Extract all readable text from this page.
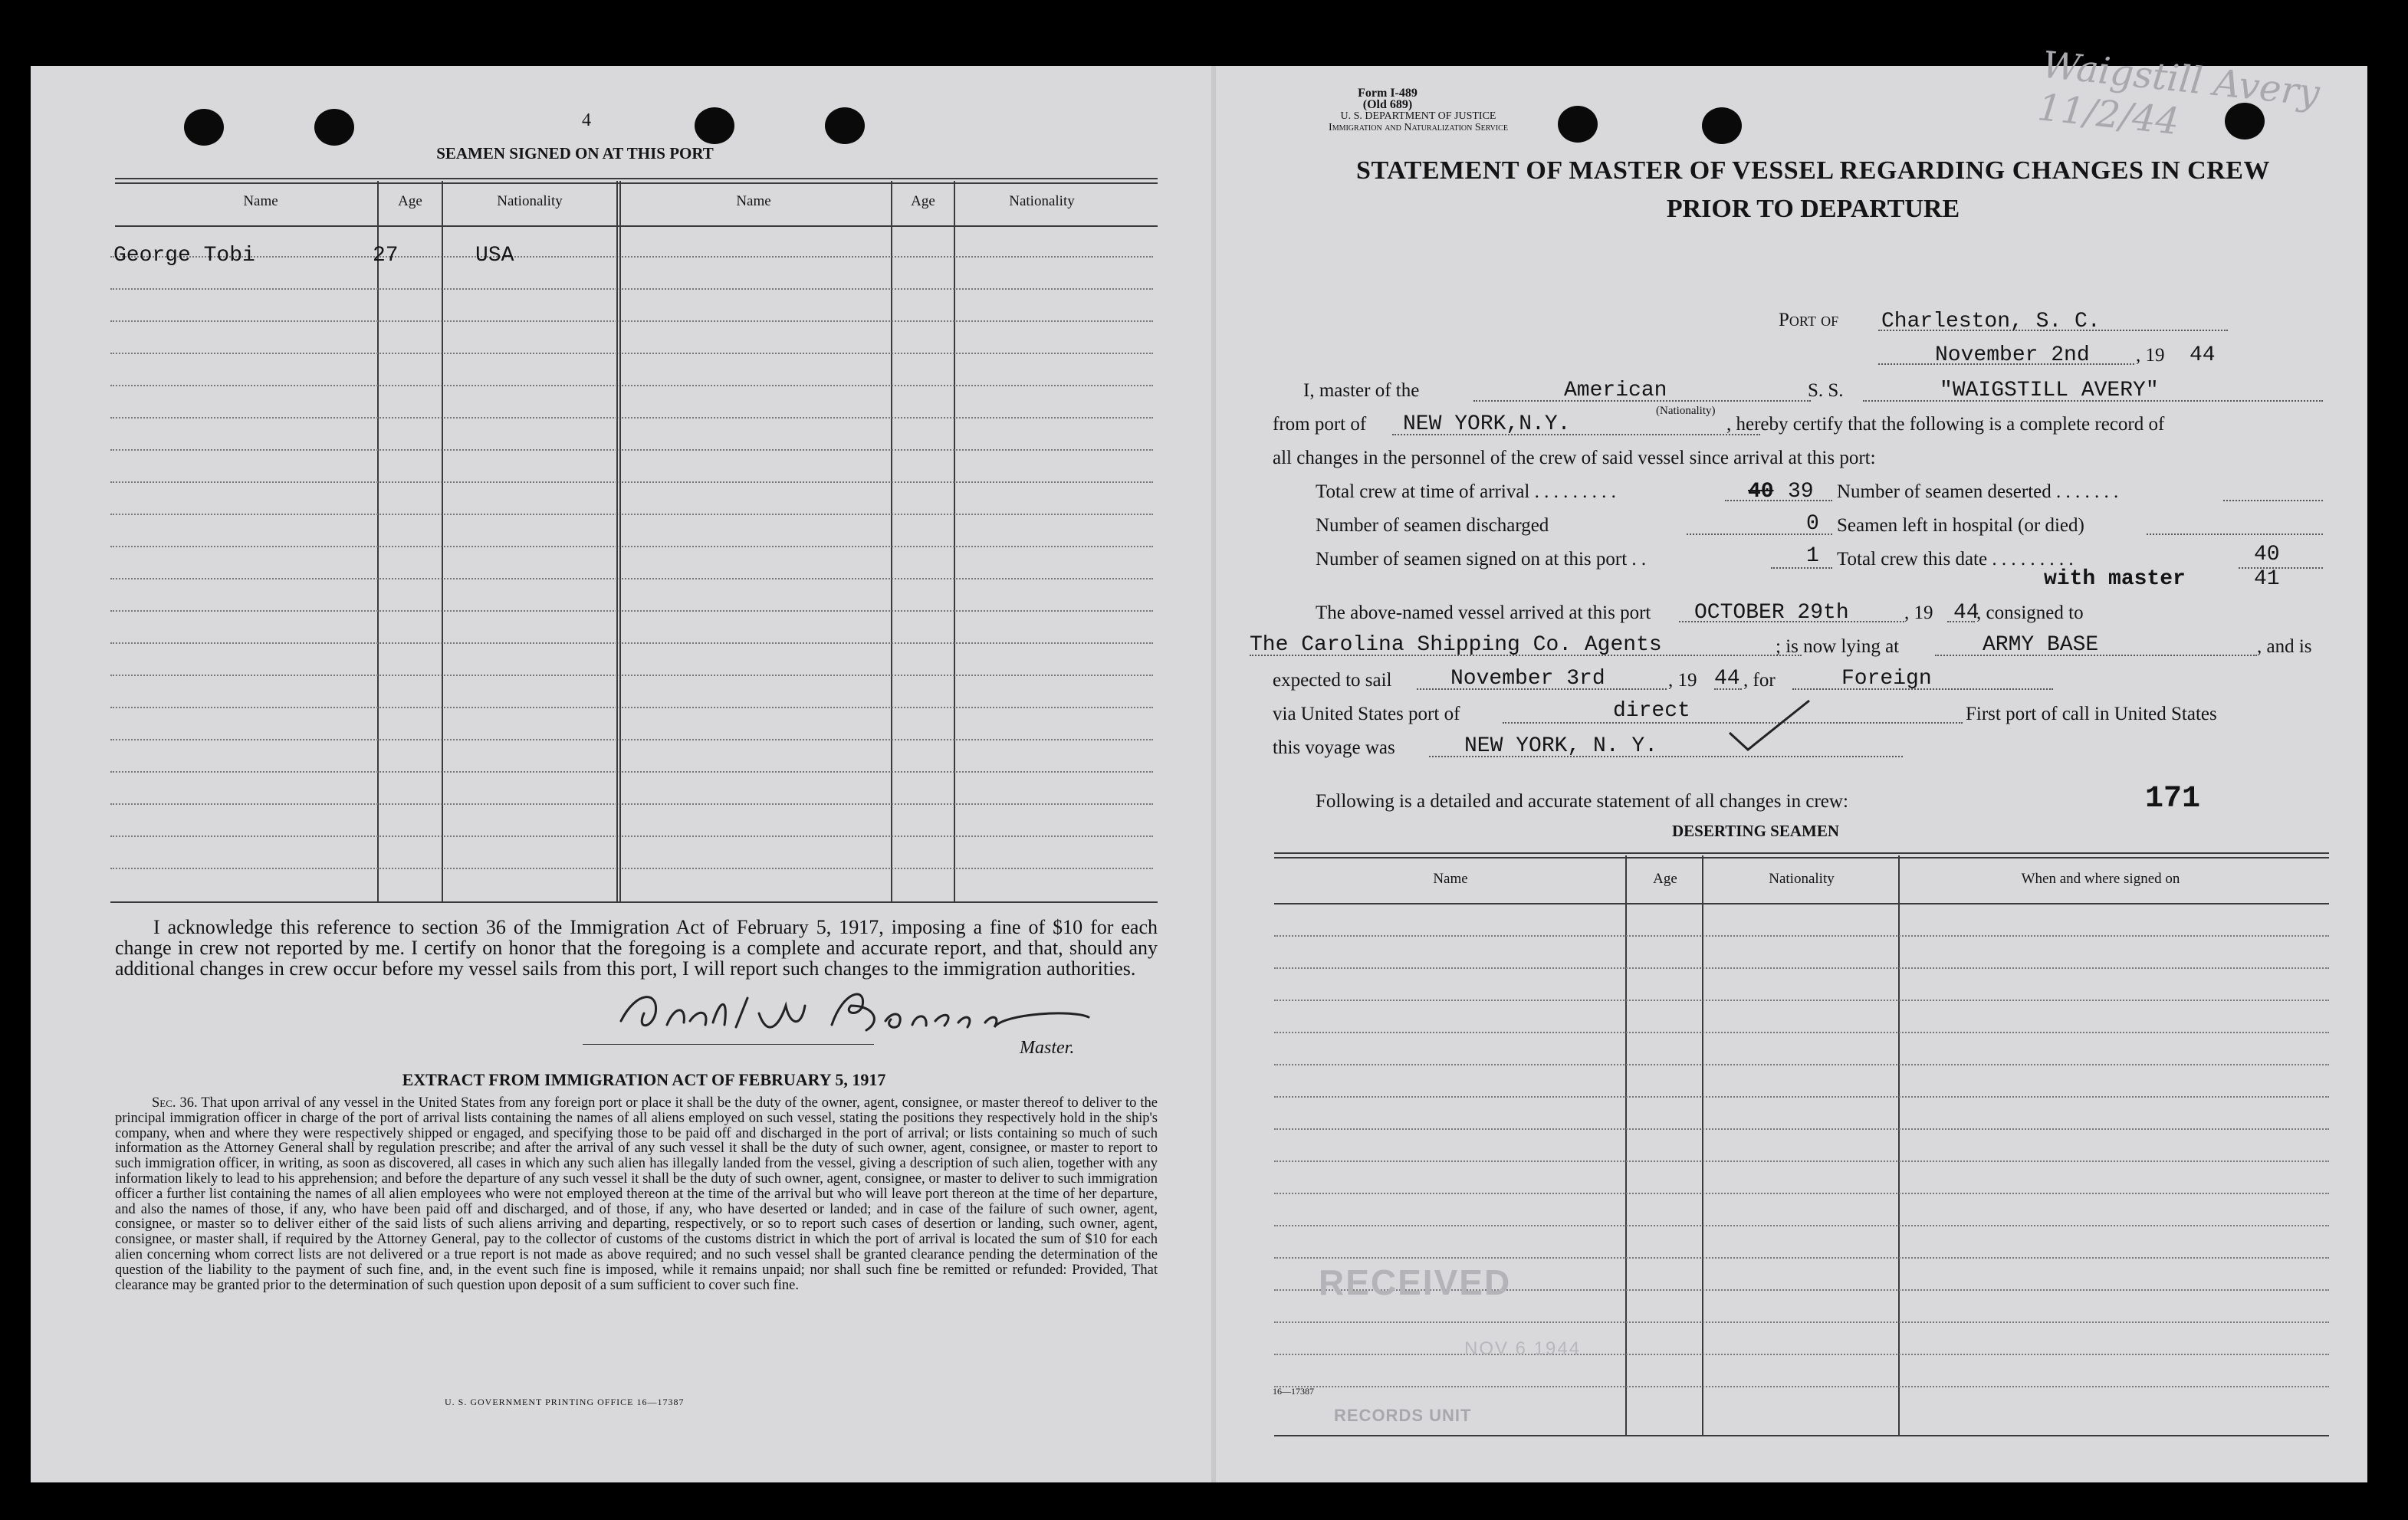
4
SEAMEN SIGNED ON AT THIS PORT
Name	Age	Nationality	Name	Age	Nationality
George Tobi	27	USA
I acknowledge this reference to section 36 of the Immigration Act of February 5, 1917, imposing a fine of $10 for each change in crew not reported by me. I certify on honor that the foregoing is a complete and accurate report, and that, should any additional changes in crew occur before my vessel sails from this port, I will report such changes to the immigration authorities.
Master.
EXTRACT FROM IMMIGRATION ACT OF FEBRUARY 5, 1917
Sec. 36. That upon arrival of any vessel in the United States from any foreign port or place it shall be the duty of the owner, agent, consignee, or master thereof to deliver to the principal immigration officer in charge of the port of arrival lists containing the names of all aliens employed on such vessel, stating the positions they respectively hold in the ship's company, when and where they were respectively shipped or engaged, and specifying those to be paid off and discharged in the port of arrival; or lists containing so much of such information as the Attorney General shall by regulation prescribe; and after the arrival of any such vessel it shall be the duty of such owner, agent, consignee, or master to report to such immigration officer, in writing, as soon as discovered, all cases in which any such alien has illegally landed from the vessel, giving a description of such alien, together with any information likely to lead to his apprehension; and before the departure of any such vessel it shall be the duty of such owner, agent, consignee, or master to deliver to such immigration officer a further list containing the names of all alien employees who were not employed thereon at the time of the arrival but who will leave port thereon at the time of her departure, and also the names of those, if any, who have been paid off and discharged, and of those, if any, who have deserted or landed; and in case of the failure of such owner, agent, consignee, or master so to deliver either of the said lists of such aliens arriving and departing, respectively, or so to report such cases of desertion or landing, such owner, agent, consignee, or master shall, if required by the Attorney General, pay to the collector of customs of the customs district in which the port of arrival is located the sum of $10 for each alien concerning whom correct lists are not delivered or a true report is not made as above required; and no such vessel shall be granted clearance pending the determination of the question of the liability to the payment of such fine, and, in the event such fine is imposed, while it remains unpaid; nor shall such fine be remitted or refunded: Provided, That clearance may be granted prior to the determination of such question upon deposit of a sum sufficient to cover such fine.
U. S. GOVERNMENT PRINTING OFFICE 16—17387
Form I-489
(Old 689)
U. S. DEPARTMENT OF JUSTICE
Immigration and Naturalization Service
Waigstill Avery 11/2/44
STATEMENT OF MASTER OF VESSEL REGARDING CHANGES IN CREW
PRIOR TO DEPARTURE
Port of Charleston, S. C.
November 2nd , 19 44
I, master of the	American
(Nationality)
S. S.	"WAIGSTILL AVERY"
from port of NEW YORK,N.Y.	, hereby certify that the following is a complete record of
all changes in the personnel of the crew of said vessel since arrival at this port:
Total crew at time of arrival . . . . . . . . .	40 39 Number of seamen deserted . . . . . . .
Number of seamen discharged	0 Seamen left in hospital (or died)
Number of seamen signed on at this port . .	1 Total crew this date . . . . . . . . .	40
with master	41
The above-named vessel arrived at this port OCTOBER 29th	, 19 44
, consigned to
The Carolina Shipping Co. Agents	; is now lying at	ARMY BASE	, and is
expected to sail	November 3rd	, 19 44 , for	Foreign
via United States port of	direct	First port of call in United States
this voyage was	NEW YORK, N. Y.
Following is a detailed and accurate statement of all changes in crew:	171
DESERTING SEAMEN
Name	Age	Nationality	When and where signed on
RECEIVED
NOV 6 1944
16—17387
RECORDS UNIT
